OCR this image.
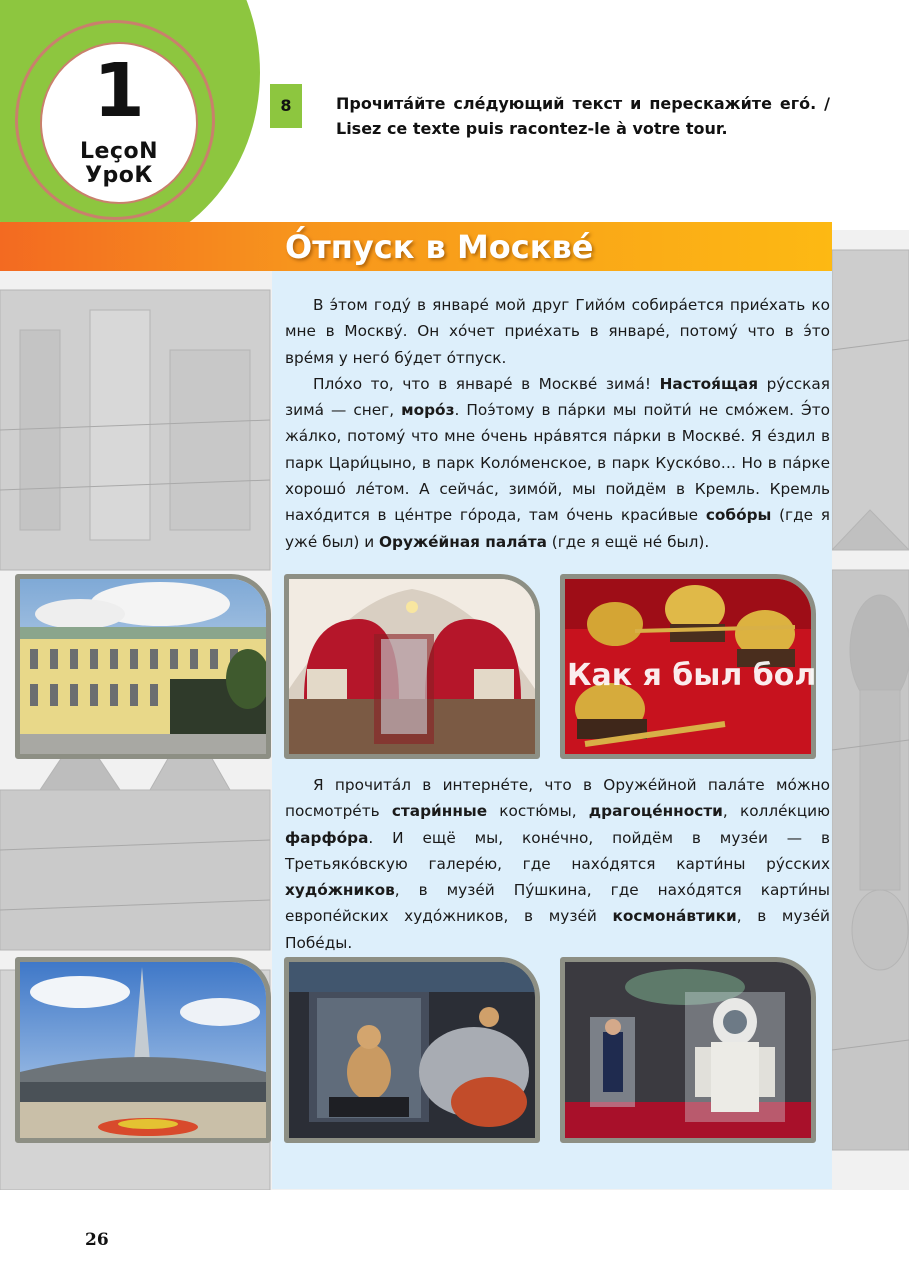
1
LeçoN
УроК
8	Прочита́йте сле́дующий текст и перескажи́те его́. / Lisez ce texte puis racontez-le à votre tour.
О́тпуск в Москве́

В э́том году́ в январе́ мой друг Гийо́м собира́ется прие́хать ко мне в Москву́. Он хо́чет прие́хать в январе́, потому́ что в э́то вре́мя у него́ бу́дет о́тпуск.

Пло́хо то, что в январе́ в Москве́ зима́! Настоя́щая ру́сская зима́ — снег, моро́з. Поэ́тому в па́рки мы пойти́ не смо́жем. Э́то жа́лко, потому́ что мне о́чень нра́вятся па́рки в Москве́. Я е́здил в парк Цари́цыно, в парк Коло́менское, в парк Куско́во… Но в па́рке хорошо́ ле́том. А сейча́с, зимо́й, мы пойдём в Кремль. Кремль нахо́дится в це́нтре го́рода, там о́чень краси́вые собо́ры (где я уже́ был) и Оруже́йная пала́та (где я ещё не́ был).

Как я был бол

Я прочита́л в интерне́те, что в Оруже́йной пала́те мо́жно посмотре́ть стари́нные костю́мы, драгоце́нности, колле́кцию фарфо́ра. И ещё мы, коне́чно, пойдём в музе́и — в Третьяко́вскую галере́ю, где нахо́дятся карти́ны ру́сских худо́жников, в музе́й Пу́шкина, где нахо́дятся карти́ны европе́йских худо́жников, в музе́й космона́втики, в музе́й Побе́ды.

26
